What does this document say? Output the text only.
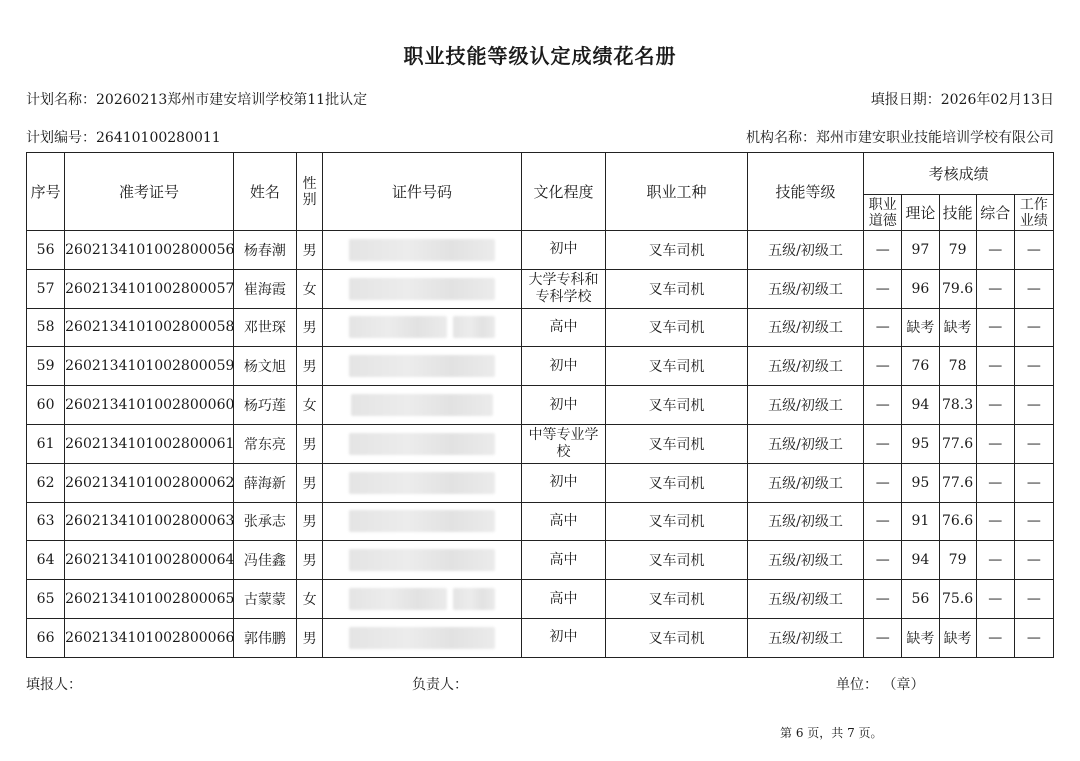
职业技能等级认定成绩花名册
计划名称：20260213郑州市建安培训学校第11批认定	填报日期：2026年02月13日
计划编号：26410100280011	机构名称：郑州市建安职业技能培训学校有限公司
序号	准考证号	姓名	性别	证件号码	文化程度	职业工种	技能等级	考核成绩				
								职业道德	理论	技能	综合	工作业绩
56	2602134101002800056	杨春潮	男		初中	叉车司机	五级/初级工	—	97	79	—	—
57	2602134101002800057	崔海霞	女		大学专科和专科学校	叉车司机	五级/初级工	—	96	79.6	—	—
58	2602134101002800058	邓世琛	男		高中	叉车司机	五级/初级工	—	缺考	缺考	—	—
59	2602134101002800059	杨文旭	男		初中	叉车司机	五级/初级工	—	76	78	—	—
60	2602134101002800060	杨巧莲	女		初中	叉车司机	五级/初级工	—	94	78.3	—	—
61	2602134101002800061	常东亮	男		中等专业学校	叉车司机	五级/初级工	—	95	77.6	—	—
62	2602134101002800062	薛海新	男		初中	叉车司机	五级/初级工	—	95	77.6	—	—
63	2602134101002800063	张承志	男		高中	叉车司机	五级/初级工	—	91	76.6	—	—
64	2602134101002800064	冯佳鑫	男		高中	叉车司机	五级/初级工	—	94	79	—	—
65	2602134101002800065	古蒙蒙	女		高中	叉车司机	五级/初级工	—	56	75.6	—	—
66	2602134101002800066	郭伟鹏	男		初中	叉车司机	五级/初级工	—	缺考	缺考	—	—
填报人：	负责人：	单位： （章）
第 6 页，共 7 页。
